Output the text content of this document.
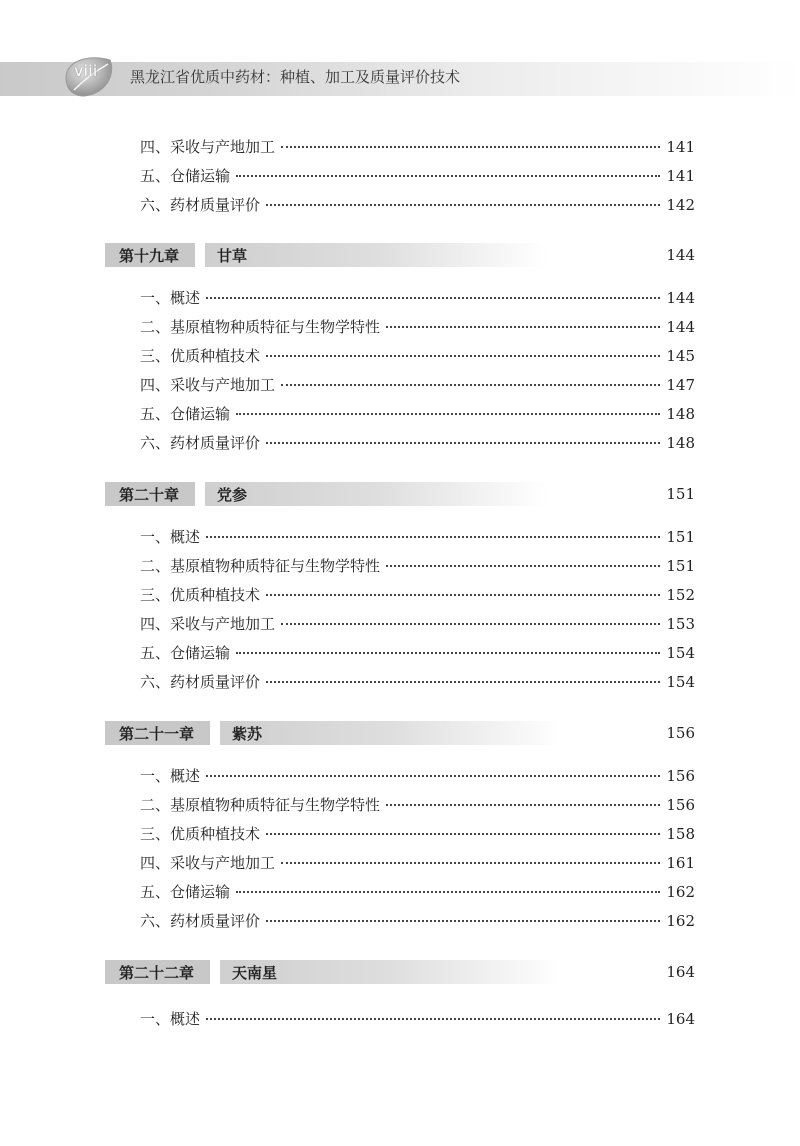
viii	黑龙江省优质中药材：种植、加工及质量评价技术
四、采收与产地加工	141
五、仓储运输	141
六、药材质量评价	142
第十九章	甘草	144
一、概述	144
二、基原植物种质特征与生物学特性	144
三、优质种植技术	145
四、采收与产地加工	147
五、仓储运输	148
六、药材质量评价	148
第二十章	党参	151
一、概述	151
二、基原植物种质特征与生物学特性	151
三、优质种植技术	152
四、采收与产地加工	153
五、仓储运输	154
六、药材质量评价	154
第二十一章	紫苏	156
一、概述	156
二、基原植物种质特征与生物学特性	156
三、优质种植技术	158
四、采收与产地加工	161
五、仓储运输	162
六、药材质量评价	162
第二十二章	天南星	164
一、概述	164
